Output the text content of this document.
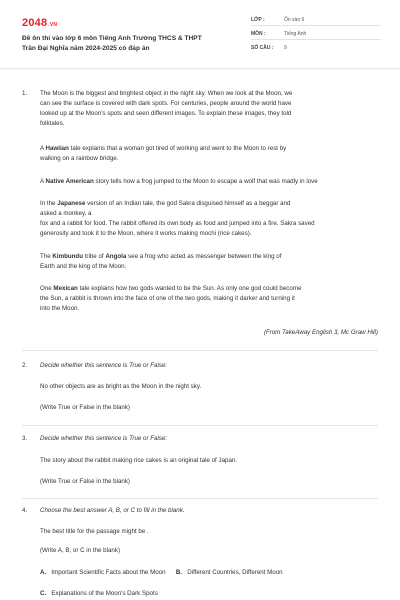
2048.VN
Đề ôn thi vào lớp 6 môn Tiếng Anh Trường THCS & THPT
Trần Đại Nghĩa năm 2024-2025 có đáp án
LỚP :	Ôn vào 6
MÔN :	Tiếng Anh
SỐ CÂU : 9
1. The Moon is the biggest and brightest object in the night sky. When we look at the Moon, we
can see the surface is covered with dark spots. For centuries, people around the world have
looked up at the Moon's spots and seen different images. To explain these images, they told
folktales.
A Hawiian tale explains that a woman got tired of working and went to the Moon to rest by
walking on a rainbow bridge.
A Native American story tells how a frog jumped to the Moon to escape a wolf that was madly in love
In the Japanese version of an Indian tale, the god Sakra disguised himself as a beggar and
asked a monkey, a
fox and a rabbit for food. The rabbit offered its own body as food and jumped into a fire. Sakra saved
generosity and took it to the Moon, where it works making mochi (rice cakes).
The Kimbundu tribe of Angola see a frog who acted as messenger between the king of
Earth and the king of the Moon.
One Mexican tale explains how two gods wanted to be the Sun. As only one god could become
the Sun, a rabbit is thrown into the face of one of the two gods, making it darker and turning it
into the Moon.
(From TakeAway English 3, Mc Graw Hill)
2. Decide whether this sentence is True or False:
No other objects are as bright as the Moon in the night sky.
(Write True or False in the blank)
3. Decide whether this sentence is True or False:
The story about the rabbit making rice cakes is an original tale of Japan.
(Write True or False in the blank)
4. Choose the best answer A, B, or C to fill in the blank.
The best title for the passage might be .
(Write A, B, or C in the blank)
A. Important Scientific Facts about the Moon B. Different Countries, Different Moon
C. Explanations of the Moon's Dark Spots
